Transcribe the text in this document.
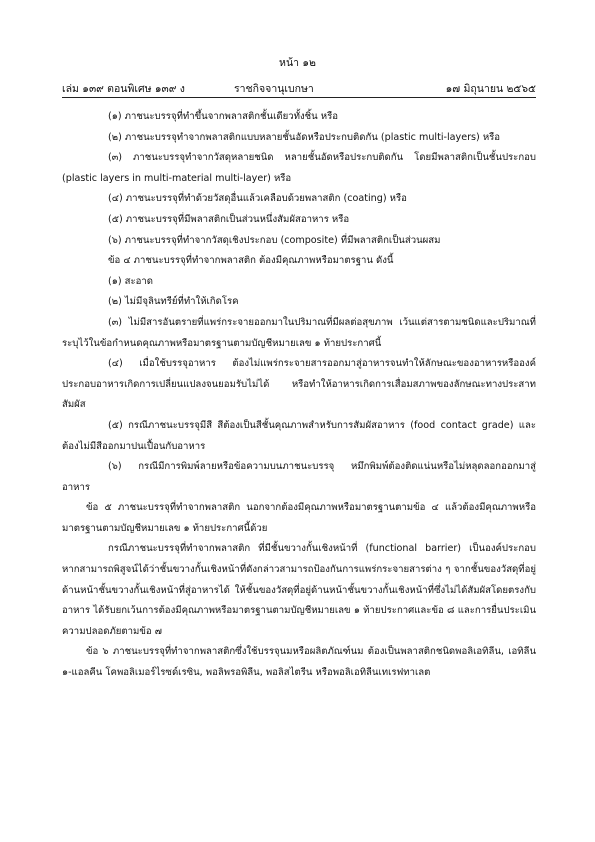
หน้า ๑๒
เล่ม ๑๓๙ ตอนพิเศษ ๑๓๙ ง	ราชกิจจานุเบกษา	๑๗ มิถุนายน ๒๕๖๕

(๑) ภาชนะบรรจุที่ทำขึ้นจากพลาสติกชั้นเดียวทั้งชิ้น หรือ

(๒) ภาชนะบรรจุทำจากพลาสติกแบบหลายชั้นอัดหรือประกบติดกัน (plastic multi-layers) หรือ

(๓) ภาชนะบรรจุทำจากวัสดุหลายชนิด หลายชั้นอัดหรือประกบติดกัน โดยมีพลาสติกเป็นชั้นประกอบ (plastic layers in multi-material multi-layer) หรือ

(๔) ภาชนะบรรจุที่ทำด้วยวัสดุอื่นแล้วเคลือบด้วยพลาสติก (coating) หรือ

(๕) ภาชนะบรรจุที่มีพลาสติกเป็นส่วนหนึ่งสัมผัสอาหาร หรือ

(๖) ภาชนะบรรจุที่ทำจากวัสดุเชิงประกอบ (composite) ที่มีพลาสติกเป็นส่วนผสม

ข้อ ๔ ภาชนะบรรจุที่ทำจากพลาสติก ต้องมีคุณภาพหรือมาตรฐาน ดังนี้

(๑) สะอาด

(๒) ไม่มีจุลินทรีย์ที่ทำให้เกิดโรค

(๓) ไม่มีสารอันตรายที่แพร่กระจายออกมาในปริมาณที่มีผลต่อสุขภาพ เว้นแต่สารตามชนิดและปริมาณที่ระบุไว้ในข้อกำหนดคุณภาพหรือมาตรฐานตามบัญชีหมายเลข ๑ ท้ายประกาศนี้

(๔) เมื่อใช้บรรจุอาหาร ต้องไม่แพร่กระจายสารออกมาสู่อาหารจนทำให้ลักษณะของอาหารหรือองค์ประกอบอาหารเกิดการเปลี่ยนแปลงจนยอมรับไม่ได้ หรือทำให้อาหารเกิดการเสื่อมสภาพของลักษณะทางประสาทสัมผัส

(๕) กรณีภาชนะบรรจุมีสี สีต้องเป็นสีชั้นคุณภาพสำหรับการสัมผัสอาหาร (food contact grade) และต้องไม่มีสีออกมาปนเปื้อนกับอาหาร

(๖) กรณีมีการพิมพ์ลายหรือข้อความบนภาชนะบรรจุ หมึกพิมพ์ต้องติดแน่นหรือไม่หลุดลอกออกมาสู่อาหาร

ข้อ ๕ ภาชนะบรรจุที่ทำจากพลาสติก นอกจากต้องมีคุณภาพหรือมาตรฐานตามข้อ ๔ แล้วต้องมีคุณภาพหรือมาตรฐานตามบัญชีหมายเลข ๑ ท้ายประกาศนี้ด้วย

กรณีภาชนะบรรจุที่ทำจากพลาสติก ที่มีชั้นขวางกั้นเชิงหน้าที่ (functional barrier) เป็นองค์ประกอบ หากสามารถพิสูจน์ได้ว่าชั้นขวางกั้นเชิงหน้าที่ดังกล่าวสามารถป้องกันการแพร่กระจายสารต่าง ๆ จากชั้นของวัสดุที่อยู่ด้านหน้าชั้นขวางกั้นเชิงหน้าที่สู่อาหารได้ ให้ชั้นของวัสดุที่อยู่ด้านหน้าชั้นขวางกั้นเชิงหน้าที่ซึ่งไม่ได้สัมผัสโดยตรงกับอาหาร ได้รับยกเว้นการต้องมีคุณภาพหรือมาตรฐานตามบัญชีหมายเลข ๑ ท้ายประกาศและข้อ ๘ และการยื่นประเมินความปลอดภัยตามข้อ ๗

ข้อ ๖ ภาชนะบรรจุที่ทำจากพลาสติกซึ่งใช้บรรจุนมหรือผลิตภัณฑ์นม ต้องเป็นพลาสติกชนิดพอลิเอทิลีน, เอทิลีน ๑-แอลคีน โคพอลิเมอร์ไรซด์เรซิน, พอลิพรอพิลีน, พอลิสไตรีน หรือพอลิเอทิลีนเทเรฟทาเลต
